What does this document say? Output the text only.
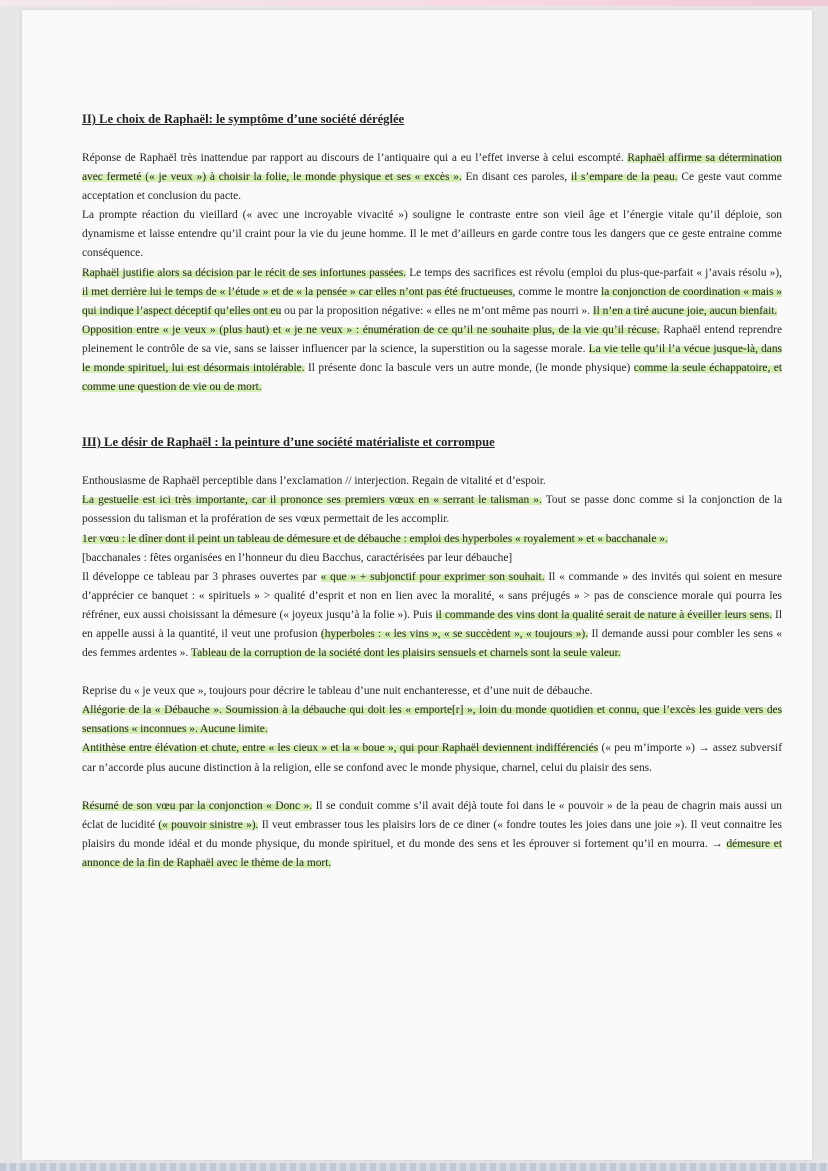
II) Le choix de Raphaël: le symptôme d’une société déréglée

Réponse de Raphaël très inattendue par rapport au discours de l’antiquaire qui a eu l’effet inverse à celui escompté. Raphaël affirme sa détermination avec fermeté (« je veux ») à choisir la folie, le monde physique et ses « excès ». En disant ces paroles, il s’empare de la peau. Ce geste vaut comme acceptation et conclusion du pacte.
La prompte réaction du vieillard (« avec une incroyable vivacité ») souligne le contraste entre son vieil âge et l’énergie vitale qu’il déploie, son dynamisme et laisse entendre qu’il craint pour la vie du jeune homme. Il le met d’ailleurs en garde contre tous les dangers que ce geste entraine comme conséquence.
Raphaël justifie alors sa décision par le récit de ses infortunes passées. Le temps des sacrifices est révolu (emploi du plus-que-parfait « j’avais résolu »), il met derrière lui le temps de « l’étude » et de « la pensée » car elles n’ont pas été fructueuses, comme le montre la conjonction de coordination « mais » qui indique l’aspect déceptif qu’elles ont eu ou par la proposition négative: « elles ne m’ont même pas nourri ». Il n’en a tiré aucune joie, aucun bienfait.
Opposition entre « je veux » (plus haut) et « je ne veux » : énumération de ce qu’il ne souhaite plus, de la vie qu’il récuse. Raphaël entend reprendre pleinement le contrôle de sa vie, sans se laisser influencer par la science, la superstition ou la sagesse morale. La vie telle qu’il l’a vécue jusque-là, dans le monde spirituel, lui est désormais intolérable. Il présente donc la bascule vers un autre monde, (le monde physique) comme la seule échappatoire, et comme une question de vie ou de mort.

III) Le désir de Raphaël : la peinture d’une société matérialiste et corrompue

Enthousiasme de Raphaël perceptible dans l’exclamation // interjection. Regain de vitalité et d’espoir.
La gestuelle est ici très importante, car il prononce ses premiers vœux en « serrant le talisman ». Tout se passe donc comme si la conjonction de la possession du talisman et la profération de ses vœux permettait de les accomplir.
1er vœu : le dîner dont il peint un tableau de démesure et de débauche : emploi des hyperboles « royalement » et « bacchanale ».
[bacchanales : fêtes organisées en l’honneur du dieu Bacchus, caractérisées par leur débauche]
Il développe ce tableau par 3 phrases ouvertes par « que » + subjonctif pour exprimer son souhait. Il « commande » des invités qui soient en mesure d’apprécier ce banquet : « spirituels » > qualité d’esprit et non en lien avec la moralité, « sans préjugés » > pas de conscience morale qui pourra les réfréner, eux aussi choisissant la démesure (« joyeux jusqu’à la folie »). Puis il commande des vins dont la qualité serait de nature à éveiller leurs sens. Il en appelle aussi à la quantité, il veut une profusion (hyperboles : « les vins », « se succèdent », « toujours »). Il demande aussi pour combler les sens « des femmes ardentes ». Tableau de la corruption de la société dont les plaisirs sensuels et charnels sont la seule valeur.

Reprise du « je veux que », toujours pour décrire le tableau d’une nuit enchanteresse, et d’une nuit de débauche.
Allégorie de la « Débauche ». Soumission à la débauche qui doit les « emporte[r] », loin du monde quotidien et connu, que l’excès les guide vers des sensations « inconnues ». Aucune limite.
Antithèse entre élévation et chute, entre « les cieux » et la « boue », qui pour Raphaël deviennent indifférenciés (« peu m’importe ») → assez subversif car n’accorde plus aucune distinction à la religion, elle se confond avec le monde physique, charnel, celui du plaisir des sens.

Résumé de son vœu par la conjonction « Donc ». Il se conduit comme s’il avait déjà toute foi dans le « pouvoir » de la peau de chagrin mais aussi un éclat de lucidité (« pouvoir sinistre »). Il veut embrasser tous les plaisirs lors de ce diner (« fondre toutes les joies dans une joie »). Il veut connaitre les plaisirs du monde idéal et du monde physique, du monde spirituel, et du monde des sens et les éprouver si fortement qu’il en mourra. → démesure et annonce de la fin de Raphaël avec le thème de la mort.
